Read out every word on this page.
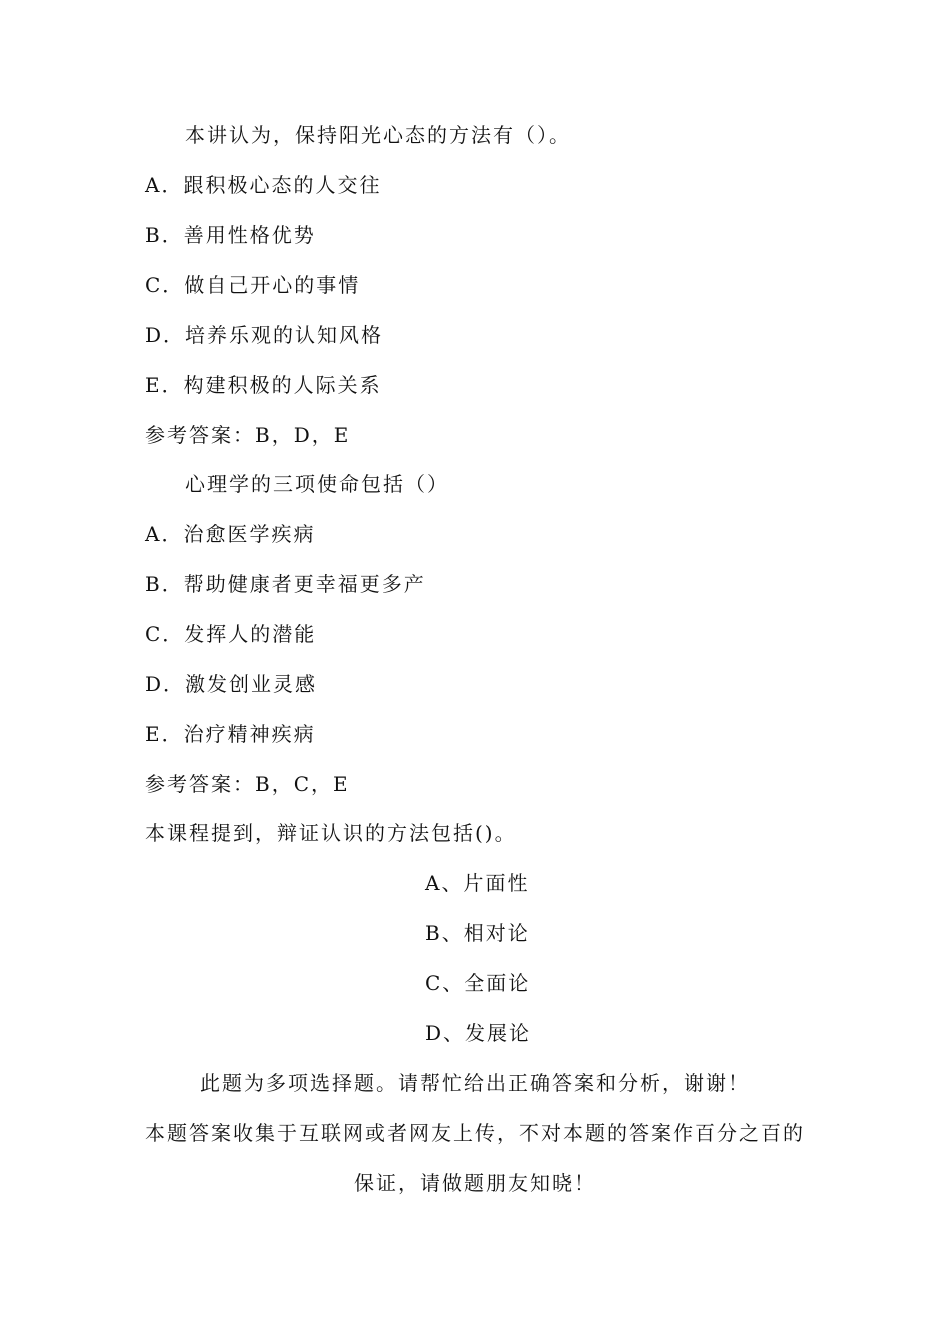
本讲认为，保持阳光心态的方法有（）。
A．跟积极心态的人交往
B．善用性格优势
C．做自己开心的事情
D．培养乐观的认知风格
E．构建积极的人际关系
参考答案：B，D，E
心理学的三项使命包括（）
A．治愈医学疾病
B．帮助健康者更幸福更多产
C．发挥人的潜能
D．激发创业灵感
E．治疗精神疾病
参考答案：B，C，E
本课程提到，辩证认识的方法包括()。
A、片面性
B、相对论
C、全面论
D、发展论
此题为多项选择题。请帮忙给出正确答案和分析，谢谢！
本题答案收集于互联网或者网友上传，不对本题的答案作百分之百的
保证，请做题朋友知晓！
